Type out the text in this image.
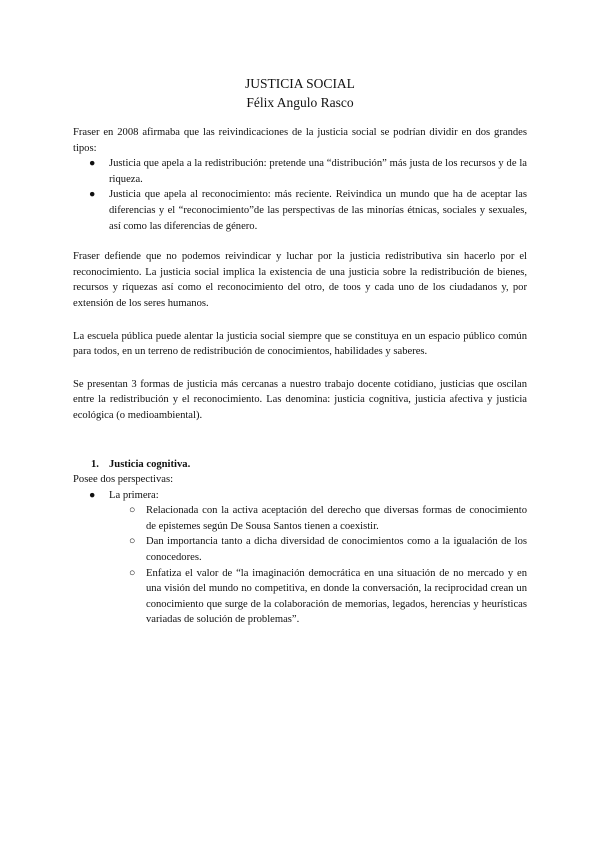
JUSTICIA SOCIAL
Félix Angulo Rasco

Fraser en 2008 afirmaba que las reivindicaciones de la justicia social se podrían dividir en dos grandes tipos:

● Justicia que apela a la redistribución: pretende una “distribución” más justa de los recursos y de la riqueza.
● Justicia que apela al reconocimiento: más reciente. Reivindica un mundo que ha de aceptar las diferencias y el “reconocimiento”de las perspectivas de las minorías étnicas, sociales y sexuales, así como las diferencias de género.

Fraser defiende que no podemos reivindicar y luchar por la justicia redistributiva sin hacerlo por el reconocimiento. La justicia social implica la existencia de una justicia sobre la redistribución de bienes, recursos y riquezas así como el reconocimiento del otro, de toos y cada uno de los ciudadanos y, por extensión de los seres humanos.

La escuela pública puede alentar la justicia social siempre que se constituya en un espacio público común para todos, en un terreno de redistribución de conocimientos, habilidades y saberes.

Se presentan 3 formas de justicia más cercanas a nuestro trabajo docente cotidiano, justicias que oscilan entre la redistribución y el reconocimiento. Las denomina: justicia cognitiva, justicia afectiva y justicia ecológica (o medioambiental).

1. Justicia cognitiva.

Posee dos perspectivas:

● La primera:
○ Relacionada con la activa aceptación del derecho que diversas formas de conocimiento de epistemes según De Sousa Santos tienen a coexistir.
○ Dan importancia tanto a dicha diversidad de conocimientos como a la igualación de los conocedores.
○ Enfatiza el valor de “la imaginación democrática en una situación de no mercado y en una visión del mundo no competitiva, en donde la conversación, la reciprocidad crean un conocimiento que surge de la colaboración de memorias, legados, herencias y heurísticas variadas de solución de problemas”.
